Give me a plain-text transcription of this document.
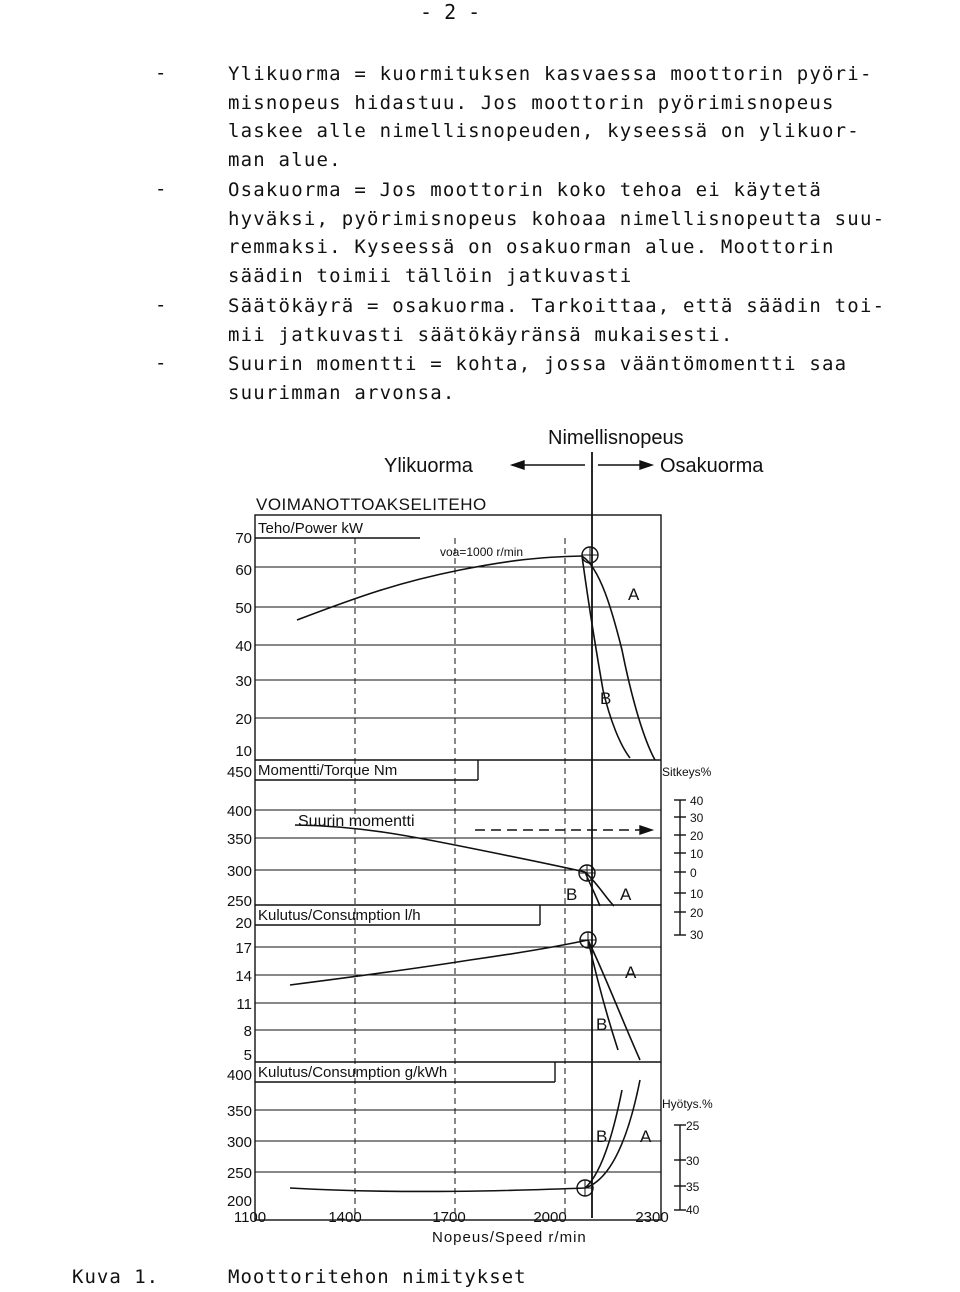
- 2 -
-	Ylikuorma = kuormituksen kasvaessa moottorin pyöri-

misnopeus hidastuu. Jos moottorin pyörimisnopeus

laskee alle nimellisnopeuden, kyseessä on ylikuor-

man alue.

-	Osakuorma = Jos moottorin koko tehoa ei käytetä

hyväksi, pyörimisnopeus kohoaa nimellisnopeutta suu-

remmaksi. Kyseessä on osakuorman alue. Moottorin

säädin toimii tällöin jatkuvasti

-	Säätökäyrä = osakuorma. Tarkoittaa, että säädin toi-

mii jatkuvasti säätökäyränsä mukaisesti.

-	Suurin momentti = kohta, jossa vääntömomentti saa

suurimman arvonsa.

Nimellisnopeus
Ylikuorma	Osakuorma
VOIMANOTTOAKSELITEHO
Teho/Power kW
voa=1000 r/min
A
B
Momentti/Torque Nm
Suurin momentti
B	A
Kulutus/Consumption l/h
A
B
Kulutus/Consumption g/kWh
B A
Sitkeys%
40
30
20
10
0
10
20
30
Hyötys.%
25
30
35
40
70
60
50
40
30
20
10
450
400
350
300
250
20
17
14
11
8
5
400
350
300
250
200
1100	1400	1700	2000	2300
Nopeus/Speed r/min
Kuva 1.	Moottoritehon nimitykset
